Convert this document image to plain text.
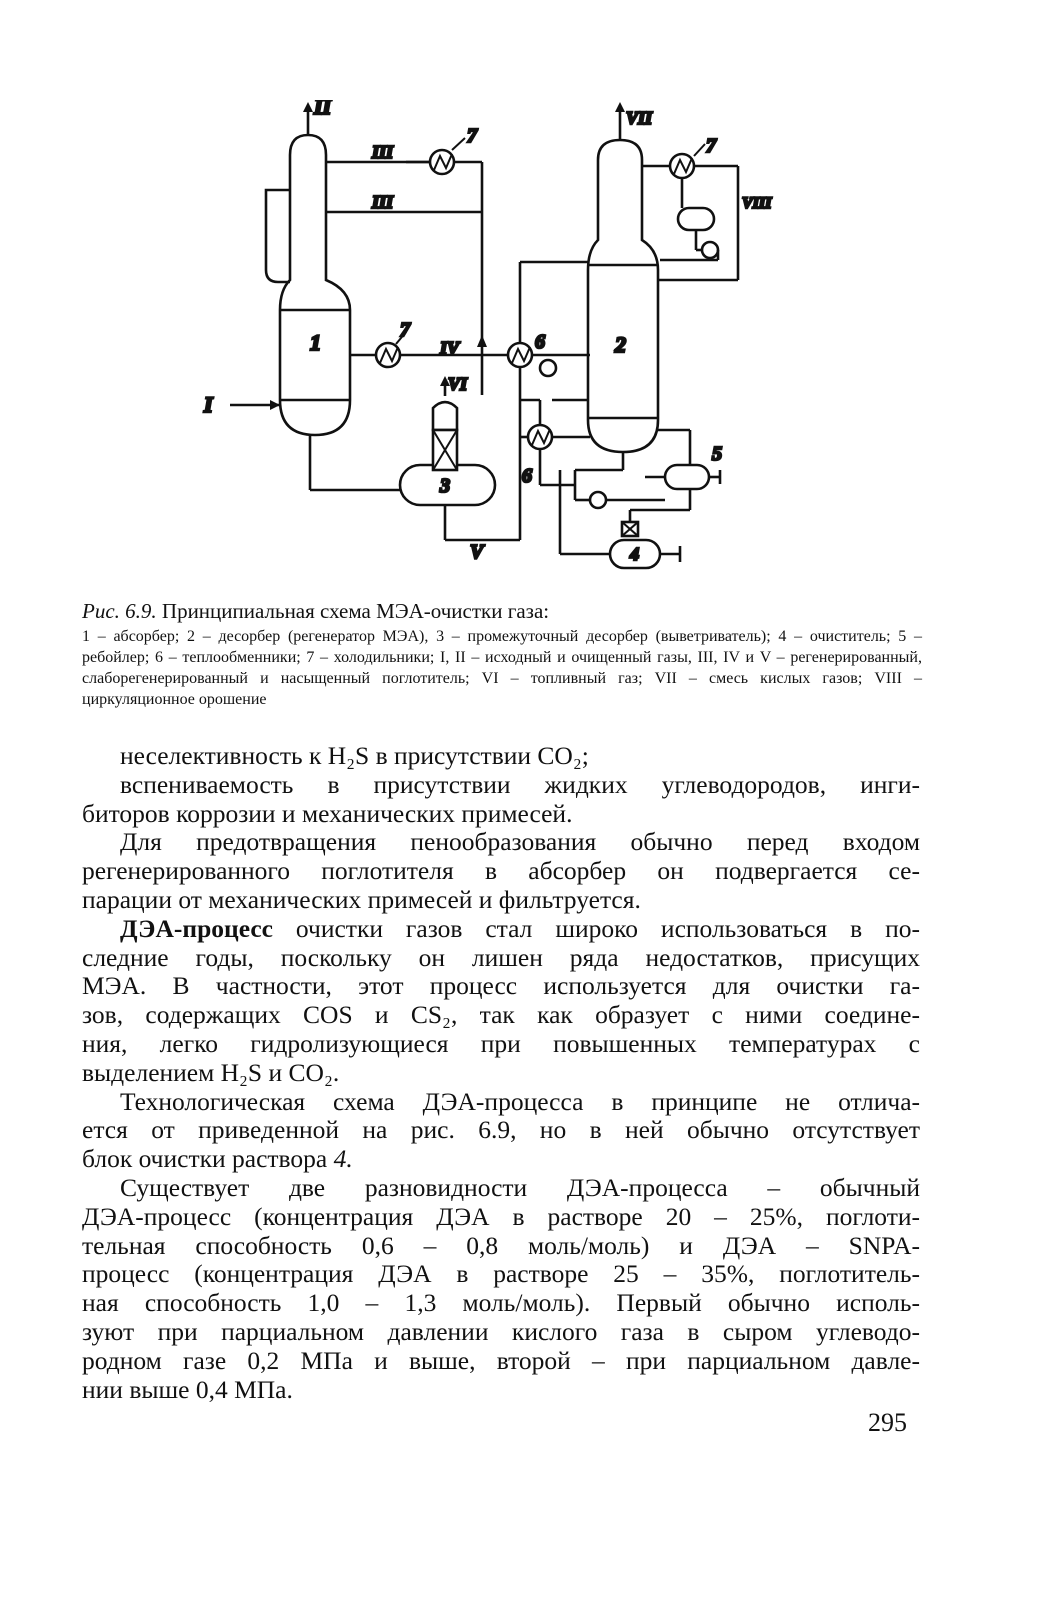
II
III
III
7
7
7
1	2
3
4
5
6
6
IV
VI
V
VII
VIII
I
Рис. 6.9. Принципиальная схема МЭА-очистки газа:
1 – абсорбер; 2 – десорбер (регенератор МЭА), 3 – промежуточный десорбер (выветриватель); 4 – очиститель; 5 – ребойлер; 6 – теплообменники; 7 – холодильники; I, II – исходный и очищенный газы, III, IV и V – регенерированный, слаборегенерированный и насыщенный поглотитель; VI – топливный газ; VII – смесь кислых газов; VIII – циркуляционное орошение

неселективность к H₂S в присутствии CO₂;

вспениваемость в присутствии жидких углеводородов, инги-
биторов коррозии и механических примесей.

Для предотвращения пенообразования обычно перед входом
регенерированного поглотителя в абсорбер он подвергается се-
парации от механических примесей и фильтруется.

ДЭА-процесс очистки газов стал широко использоваться в по-
следние годы, поскольку он лишен ряда недостатков, присущих
МЭА. В частности, этот процесс используется для очистки га-
зов, содержащих COS и CS₂, так как образует с ними соедине-
ния, легко гидролизующиеся при повышенных температурах с
выделением H₂S и CO₂.

Технологическая схема ДЭА-процесса в принципе не отлича-
ется от приведенной на рис. 6.9, но в ней обычно отсутствует
блок очистки раствора 4.

Существует две разновидности ДЭА-процесса – обычный
ДЭА-процесс (концентрация ДЭА в растворе 20 – 25%, поглоти-
тельная способность 0,6 – 0,8 моль/моль) и ДЭА – SNPA-
процесс (концентрация ДЭА в растворе 25 – 35%, поглотитель-
ная способность 1,0 – 1,3 моль/моль). Первый обычно исполь-
зуют при парциальном давлении кислого газа в сыром углеводо-
родном газе 0,2 МПа и выше, второй – при парциальном давле-
нии выше 0,4 МПа.

295
